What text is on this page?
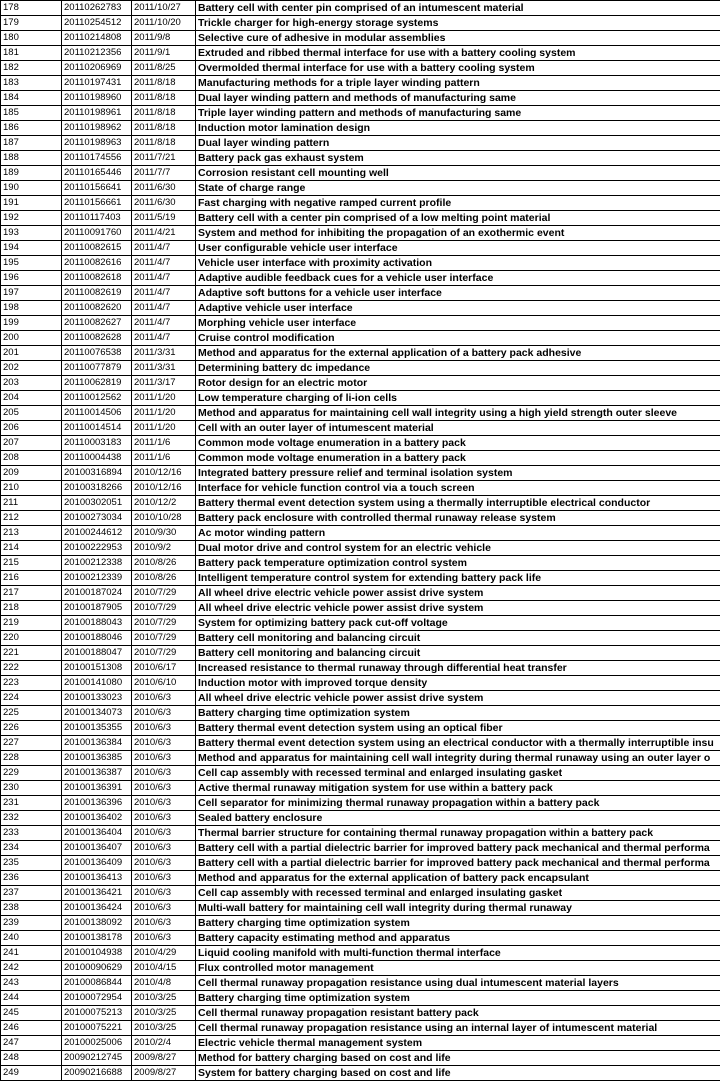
178	20110262783	2011/10/27	Battery cell with center pin comprised of an intumescent material
179	20110254512	2011/10/20	Trickle charger for high-energy storage systems
180	20110214808	2011/9/8	Selective cure of adhesive in modular assemblies
181	20110212356	2011/9/1	Extruded and ribbed thermal interface for use with a battery cooling system
182	20110206969	2011/8/25	Overmolded thermal interface for use with a battery cooling system
183	20110197431	2011/8/18	Manufacturing methods for a triple layer winding pattern
184	20110198960	2011/8/18	Dual layer winding pattern and methods of manufacturing same
185	20110198961	2011/8/18	Triple layer winding pattern and methods of manufacturing same
186	20110198962	2011/8/18	Induction motor lamination design
187	20110198963	2011/8/18	Dual layer winding pattern
188	20110174556	2011/7/21	Battery pack gas exhaust system
189	20110165446	2011/7/7	Corrosion resistant cell mounting well
190	20110156641	2011/6/30	State of charge range
191	20110156661	2011/6/30	Fast charging with negative ramped current profile
192	20110117403	2011/5/19	Battery cell with a center pin comprised of a low melting point material
193	20110091760	2011/4/21	System and method for inhibiting the propagation of an exothermic event
194	20110082615	2011/4/7	User configurable vehicle user interface
195	20110082616	2011/4/7	Vehicle user interface with proximity activation
196	20110082618	2011/4/7	Adaptive audible feedback cues for a vehicle user interface
197	20110082619	2011/4/7	Adaptive soft buttons for a vehicle user interface
198	20110082620	2011/4/7	Adaptive vehicle user interface
199	20110082627	2011/4/7	Morphing vehicle user interface
200	20110082628	2011/4/7	Cruise control modification
201	20110076538	2011/3/31	Method and apparatus for the external application of a battery pack adhesive
202	20110077879	2011/3/31	Determining battery dc impedance
203	20110062819	2011/3/17	Rotor design for an electric motor
204	20110012562	2011/1/20	Low temperature charging of li-ion cells
205	20110014506	2011/1/20	Method and apparatus for maintaining cell wall integrity using a high yield strength outer sleeve
206	20110014514	2011/1/20	Cell with an outer layer of intumescent material
207	20110003183	2011/1/6	Common mode voltage enumeration in a battery pack
208	20110004438	2011/1/6	Common mode voltage enumeration in a battery pack
209	20100316894	2010/12/16	Integrated battery pressure relief and terminal isolation system
210	20100318266	2010/12/16	Interface for vehicle function control via a touch screen
211	20100302051	2010/12/2	Battery thermal event detection system using a thermally interruptible electrical conductor
212	20100273034	2010/10/28	Battery pack enclosure with controlled thermal runaway release system
213	20100244612	2010/9/30	Ac motor winding pattern
214	20100222953	2010/9/2	Dual motor drive and control system for an electric vehicle
215	20100212338	2010/8/26	Battery pack temperature optimization control system
216	20100212339	2010/8/26	Intelligent temperature control system for extending battery pack life
217	20100187024	2010/7/29	All wheel drive electric vehicle power assist drive system
218	20100187905	2010/7/29	All wheel drive electric vehicle power assist drive system
219	20100188043	2010/7/29	System for optimizing battery pack cut-off voltage
220	20100188046	2010/7/29	Battery cell monitoring and balancing circuit
221	20100188047	2010/7/29	Battery cell monitoring and balancing circuit
222	20100151308	2010/6/17	Increased resistance to thermal runaway through differential heat transfer
223	20100141080	2010/6/10	Induction motor with improved torque density
224	20100133023	2010/6/3	All wheel drive electric vehicle power assist drive system
225	20100134073	2010/6/3	Battery charging time optimization system
226	20100135355	2010/6/3	Battery thermal event detection system using an optical fiber
227	20100136384	2010/6/3	Battery thermal event detection system using an electrical conductor with a thermally interruptible insu
228	20100136385	2010/6/3	Method and apparatus for maintaining cell wall integrity during thermal runaway using an outer layer o
229	20100136387	2010/6/3	Cell cap assembly with recessed terminal and enlarged insulating gasket
230	20100136391	2010/6/3	Active thermal runaway mitigation system for use within a battery pack
231	20100136396	2010/6/3	Cell separator for minimizing thermal runaway propagation within a battery pack
232	20100136402	2010/6/3	Sealed battery enclosure
233	20100136404	2010/6/3	Thermal barrier structure for containing thermal runaway propagation within a battery pack
234	20100136407	2010/6/3	Battery cell with a partial dielectric barrier for improved battery pack mechanical and thermal performa
235	20100136409	2010/6/3	Battery cell with a partial dielectric barrier for improved battery pack mechanical and thermal performa
236	20100136413	2010/6/3	Method and apparatus for the external application of battery pack encapsulant
237	20100136421	2010/6/3	Cell cap assembly with recessed terminal and enlarged insulating gasket
238	20100136424	2010/6/3	Multi-wall battery for maintaining cell wall integrity during thermal runaway
239	20100138092	2010/6/3	Battery charging time optimization system
240	20100138178	2010/6/3	Battery capacity estimating method and apparatus
241	20100104938	2010/4/29	Liquid cooling manifold with multi-function thermal interface
242	20100090629	2010/4/15	Flux controlled motor management
243	20100086844	2010/4/8	Cell thermal runaway propagation resistance using dual intumescent material layers
244	20100072954	2010/3/25	Battery charging time optimization system
245	20100075213	2010/3/25	Cell thermal runaway propagation resistant battery pack
246	20100075221	2010/3/25	Cell thermal runaway propagation resistance using an internal layer of intumescent material
247	20100025006	2010/2/4	Electric vehicle thermal management system
248	20090212745	2009/8/27	Method for battery charging based on cost and life
249	20090216688	2009/8/27	System for battery charging based on cost and life
